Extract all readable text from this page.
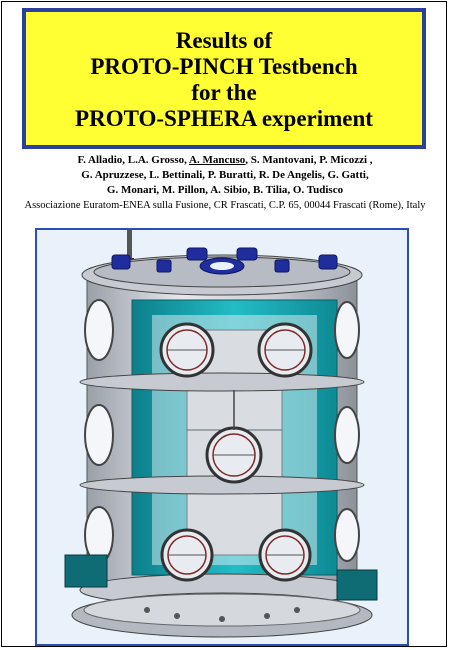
Results of
PROTO-PINCH Testbench
for the
PROTO-SPHERA experiment
F. Alladio, L.A. Grosso, A. Mancuso, S. Mantovani, P. Micozzi ,
G. Apruzzese, L. Bettinali, P. Buratti, R. De Angelis, G. Gatti,
G. Monari, M. Pillon, A. Sibio, B. Tilia, O. Tudisco
Associazione Euratom-ENEA sulla Fusione, CR Frascati, C.P. 65, 00044 Frascati (Rome), Italy
